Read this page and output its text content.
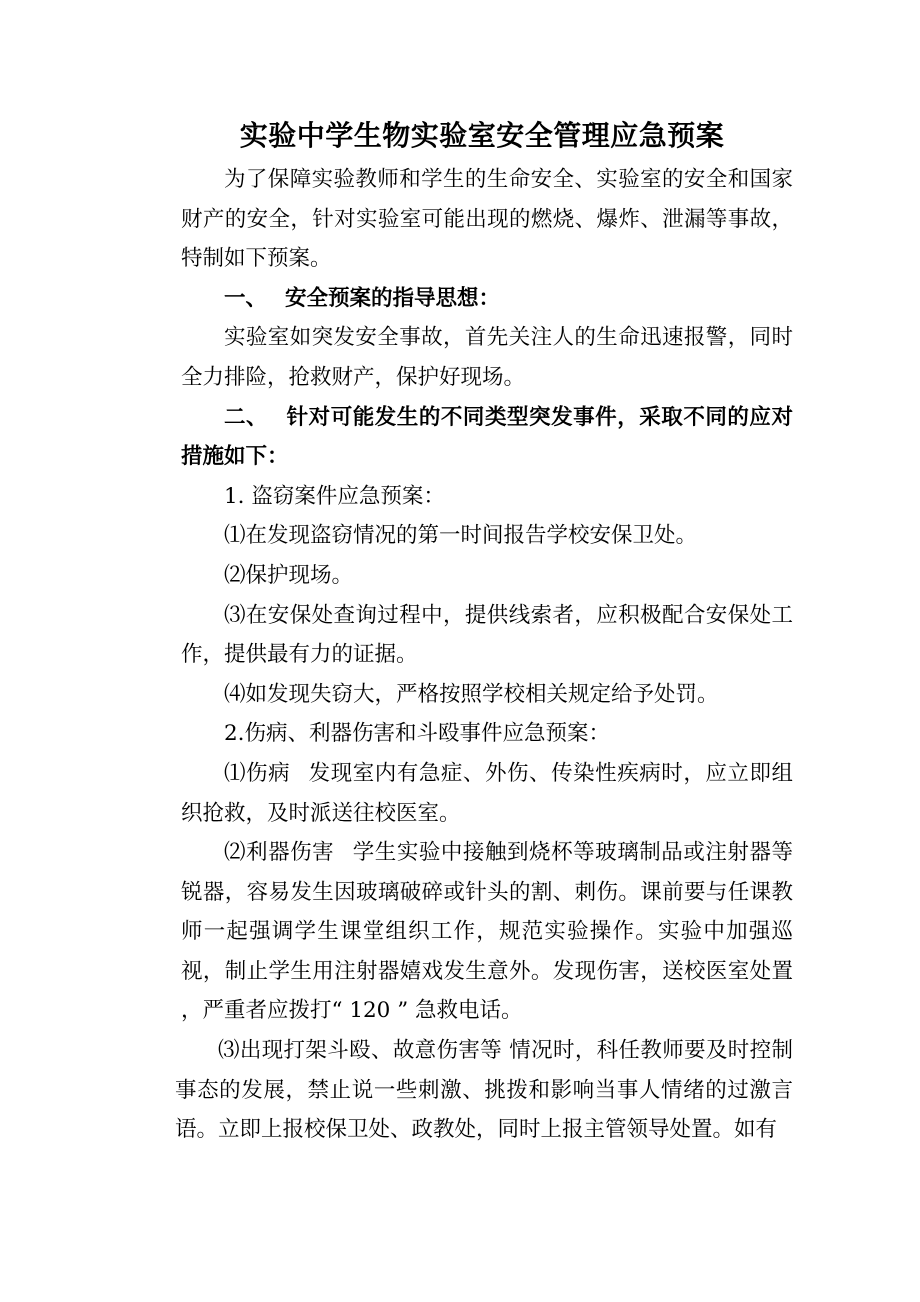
实验中学生物实验室安全管理应急预案

为了保障实验教师和学生的生命安全、实验室的安全和国家财产的安全，针对实验室可能出现的燃烧、爆炸、泄漏等事故，特制如下预案。

一、 安全预案的指导思想：

实验室如突发安全事故，首先关注人的生命迅速报警，同时全力排险，抢救财产，保护好现场。

二、 针对可能发生的不同类型突发事件，采取不同的应对措施如下：

1. 盗窃案件应急预案：

⑴在发现盗窃情况的第一时间报告学校安保卫处。

⑵保护现场。

⑶在安保处查询过程中，提供线索者，应积极配合安保处工作，提供最有力的证据。

⑷如发现失窃大，严格按照学校相关规定给予处罚。

2.伤病、利器伤害和斗殴事件应急预案：

⑴伤病 发现室内有急症、外伤、传染性疾病时，应立即组织抢救，及时派送往校医室。

⑵利器伤害 学生实验中接触到烧杯等玻璃制品或注射器等锐器，容易发生因玻璃破碎或针头的割、刺伤。课前要与任课教师一起强调学生课堂组织工作，规范实验操作。实验中加强巡视，制止学生用注射器嬉戏发生意外。发现伤害，送校医室处置 ，严重者应拨打“ 120 ” 急救电话。

⑶出现打架斗殴、故意伤害等 情况时，科任教师要及时控制事态的发展，禁止说一些刺激、挑拨和影响当事人情绪的过激言语。立即上报校保卫处、政教处，同时上报主管领导处置。如有
